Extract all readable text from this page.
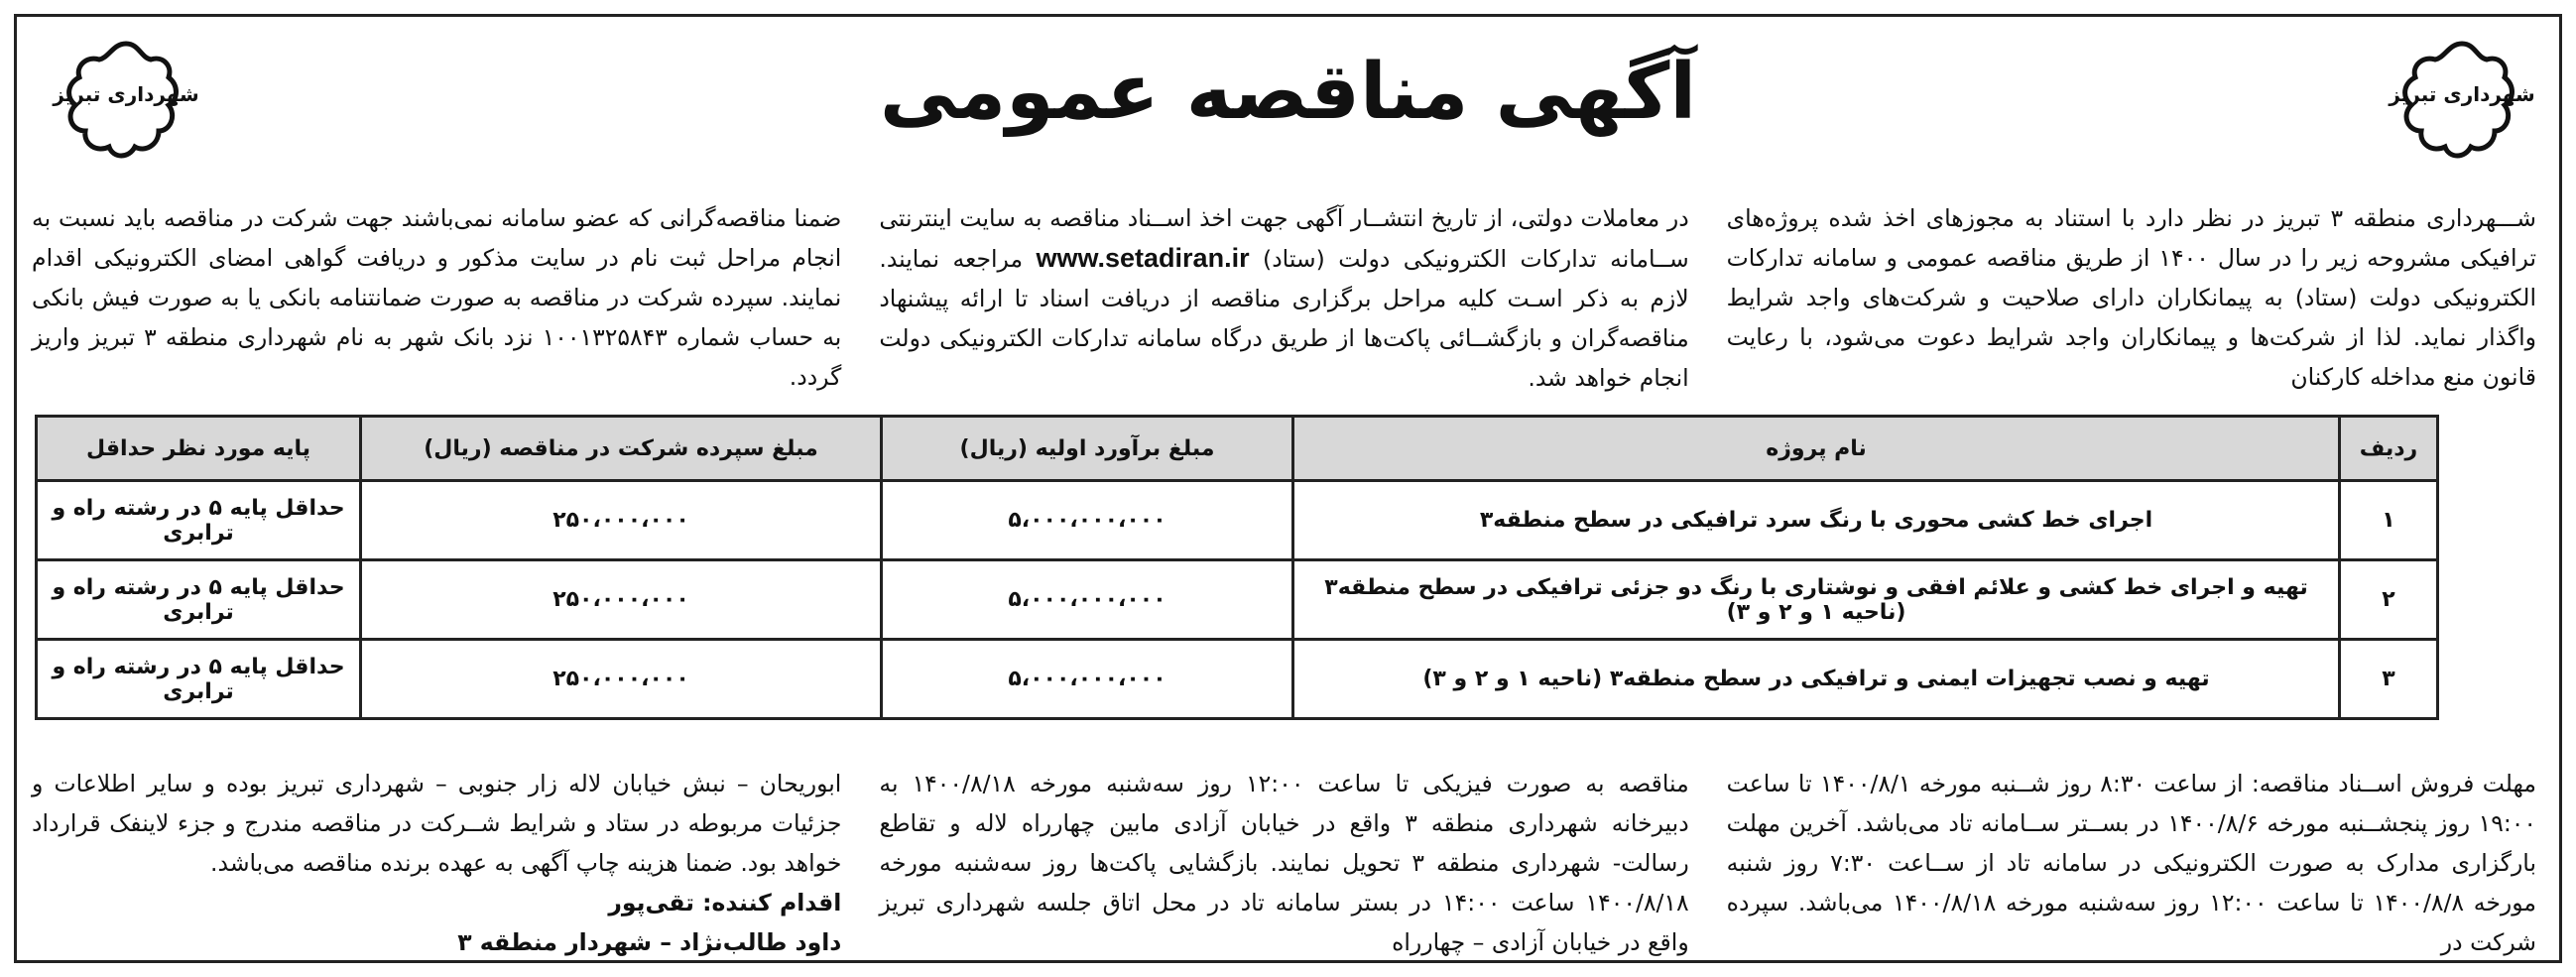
شهرداری تبریز
شهرداری تبریز	آگهی مناقصه عمومی
شـــهرداری منطقه ۳ تبریز در نظر دارد با استناد به مجوزهای اخذ شده پروژه‌های ترافیکی مشروحه زیر را در سال ۱۴۰۰ از طریق مناقصه عمومی و سامانه تدارکات الکترونیکی دولت (ستاد) به پیمانکاران دارای صلاحیت و شرکت‌های واجد شرایط واگذار نماید. لذا از شرکت‌ها و پیمانکاران واجد شرایط دعوت می‌شود، با رعایت قانون منع مداخله کارکنان
در معاملات دولتی، از تاریخ انتشــار آگهی جهت اخذ اســناد مناقصه به سایت اینترنتی ســامانه تدارکات الکترونیکی دولت (ستاد) www.setadiran.ir مراجعه نمایند. لازم به ذکر اسـت کلیه مراحل برگزاری مناقصه از دریافت اسناد تا ارائه پیشنهاد مناقصه‌گران و بازگشــائی پاکت‌ها از طریق درگاه سامانه تدارکات الکترونیکی دولت انجام خواهد شد.
ضمنا مناقصه‌گرانی که عضو سامانه نمی‌باشند جهت شرکت در مناقصه باید نسبت به انجام مراحل ثبت نام در سایت مذکور و دریافت گواهی امضای الکترونیکی اقدام نمایند. سپرده شرکت در مناقصه به صورت ضمانتنامه بانکی یا به صورت فیش بانکی به حساب شماره ۱۰۰۱۳۲۵۸۴۳ نزد بانک شهر به نام شهرداری منطقه ۳ تبریز واریز گردد.
ردیف	نام پروژه	مبلغ برآورد اولیه (ریال)	مبلغ سپرده شرکت در مناقصه (ریال)	پایه مورد نظر حداقل
۱	اجرای خط کشی محوری با رنگ سرد ترافیکی در سطح منطقه۳	۵،۰۰۰،۰۰۰،۰۰۰	۲۵۰،۰۰۰،۰۰۰	حداقل پایه ۵ در رشته راه و ترابری
۲	تهیه و اجرای خط کشی و علائم افقی و نوشتاری با رنگ دو جزئی ترافیکی در سطح منطقه۳ (ناحیه ۱ و ۲ و ۳)	۵،۰۰۰،۰۰۰،۰۰۰	۲۵۰،۰۰۰،۰۰۰	حداقل پایه ۵ در رشته راه و ترابری
۳	تهیه و نصب تجهیزات ایمنی و ترافیکی در سطح منطقه۳ (ناحیه ۱ و ۲ و ۳)	۵،۰۰۰،۰۰۰،۰۰۰	۲۵۰،۰۰۰،۰۰۰	حداقل پایه ۵ در رشته راه و ترابری
مهلت فروش اســناد مناقصه: از ساعت ۸:۳۰ روز شــنبه مورخه ۱۴۰۰/۸/۱ تا ساعت ۱۹:۰۰ روز پنجشــنبه مورخه ۱۴۰۰/۸/۶ در بســتر ســامانه تاد می‌باشد. آخرین مهلت بارگزاری مدارک به صورت الکترونیکی در سامانه تاد از ســاعت ۷:۳۰ روز شنبه مورخه ۱۴۰۰/۸/۸ تا ساعت ۱۲:۰۰ روز سه‌شنبه مورخه ۱۴۰۰/۸/۱۸ می‌باشد. سپرده شرکت در
مناقصه به صورت فیزیکی تا ساعت ۱۲:۰۰ روز سه‌شنبه مورخه ۱۴۰۰/۸/۱۸ به دبیرخانه شهرداری منطقه ۳ واقع در خیابان آزادی مابین چهارراه لاله و تقاطع رسالت- شهرداری منطقه ۳ تحویل نمایند. بازگشایی پاکت‌ها روز سه‌شنبه مورخه ۱۴۰۰/۸/۱۸ ساعت ۱۴:۰۰ در بستر سامانه تاد در محل اتاق جلسه شهرداری تبریز واقع در خیابان آزادی – چهارراه
ابوریحان – نبش خیابان لاله زار جنوبی – شهرداری تبریز بوده و سایر اطلاعات و جزئیات مربوطه در ستاد و شرایط شــرکت در مناقصه مندرج و جزء لاینفک قرارداد خواهد بود. ضمنا هزینه چاپ آگهی به عهده برنده مناقصه می‌باشد.
اقدام کننده: تقی‌پور
داود طالب‌نژاد – شهردار منطقه ۳
